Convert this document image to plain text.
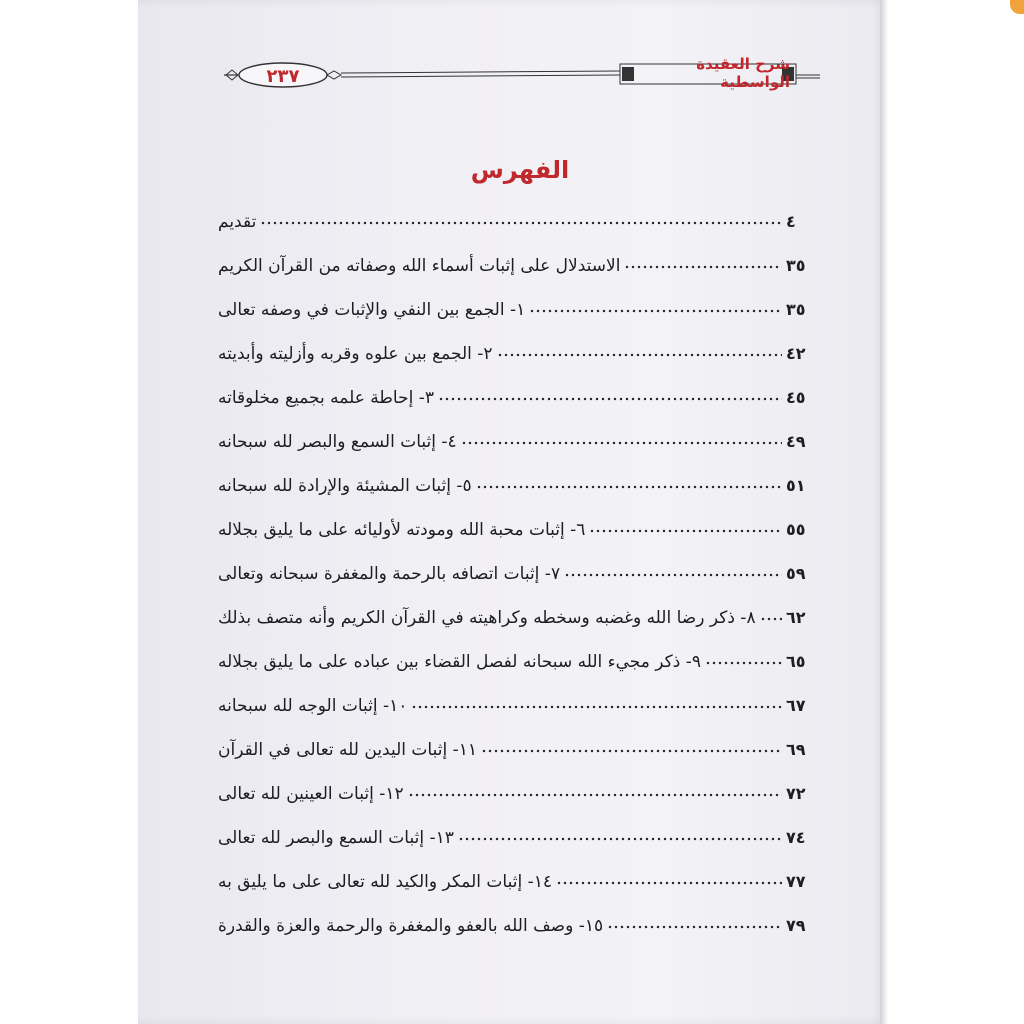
٢٣٧
شرح العقيدة الواسطية
الفهرس
تقديم	٤
الاستدلال على إثبات أسماء الله وصفاته من القرآن الكريم	٣٥
١- الجمع بين النفي والإثبات في وصفه تعالى	٣٥
٢- الجمع بين علوه وقربه وأزليته وأبديته	٤٢
٣- إحاطة علمه بجميع مخلوقاته	٤٥
٤- إثبات السمع والبصر لله سبحانه	٤٩
٥- إثبات المشيئة والإرادة لله سبحانه	٥١
٦- إثبات محبة الله ومودته لأوليائه على ما يليق بجلاله	٥٥
٧- إثبات اتصافه بالرحمة والمغفرة سبحانه وتعالى	٥٩
٨- ذكر رضا الله وغضبه وسخطه وكراهيته في القرآن الكريم وأنه متصف بذلك ٦٢
٩- ذكر مجيء الله سبحانه لفصل القضاء بين عباده على ما يليق بجلاله	٦٥
١٠- إثبات الوجه لله سبحانه	٦٧
١١- إثبات اليدين لله تعالى في القرآن	٦٩
١٢- إثبات العينين لله تعالى	٧٢
١٣- إثبات السمع والبصر لله تعالى	٧٤
١٤- إثبات المكر والكيد لله تعالى على ما يليق به	٧٧
١٥- وصف الله بالعفو والمغفرة والرحمة والعزة والقدرة	٧٩
